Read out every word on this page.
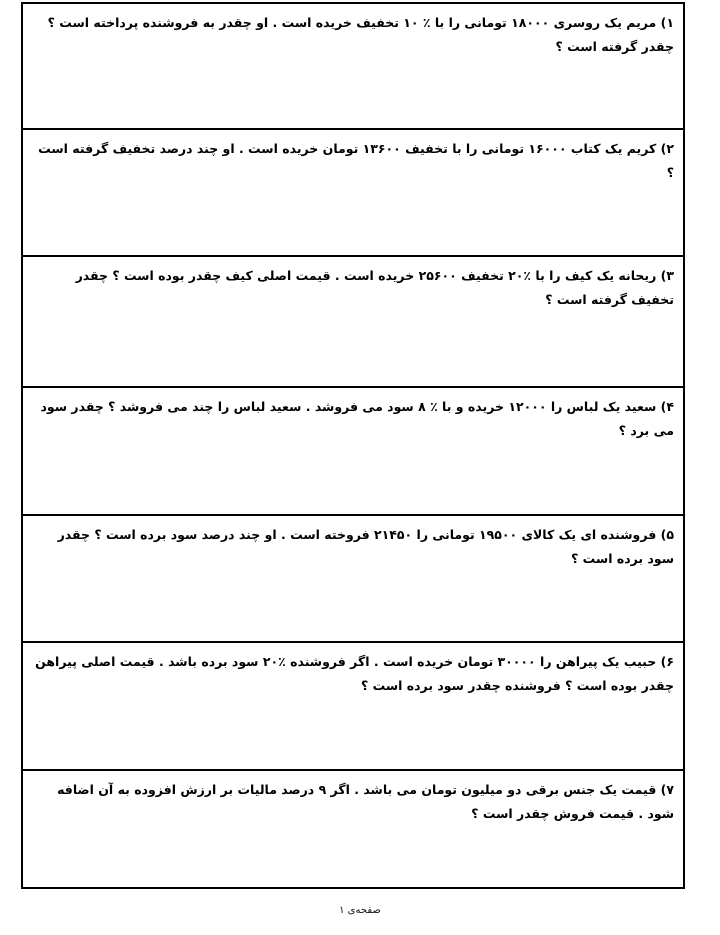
۱) مریم یک روسری ۱۸۰۰۰ تومانی را با ٪ ۱۰ تخفیف خریده است . او چقدر به فروشنده پرداخته است ؟ چقدر گرفته است ؟
۲) کریم یک کتاب ۱۶۰۰۰ تومانی را با تخفیف ۱۳۶۰۰ تومان خریده است . او چند درصد تخفیف گرفته است ؟
۳) ریحانه یک کیف را با ٪۲۰ تخفیف ۲۵۶۰۰ خریده است . قیمت اصلی کیف چقدر بوده است ؟ چقدر تخفیف گرفته است ؟
۴) سعید یک لباس را ۱۲۰۰۰ خریده و با ٪ ۸ سود می فروشد . سعید لباس را چند می فروشد ؟ چقدر سود می برد ؟
۵) فروشنده ای یک کالای ۱۹۵۰۰ تومانی را ۲۱۴۵۰ فروخته است . او چند درصد سود برده است ؟ چقدر سود برده است ؟
۶) حبیب یک پیراهن را ۳۰۰۰۰ تومان خریده است . اگر فروشنده ٪۲۰ سود برده باشد . قیمت اصلی پیراهن چقدر بوده است ؟ فروشنده چقدر سود برده است ؟
۷) قیمت یک جنس برقی دو میلیون تومان می باشد . اگر ۹ درصد مالیات بر ارزش افزوده به آن اضافه شود . قیمت فروش چقدر است ؟
صفحه‌ی ۱
